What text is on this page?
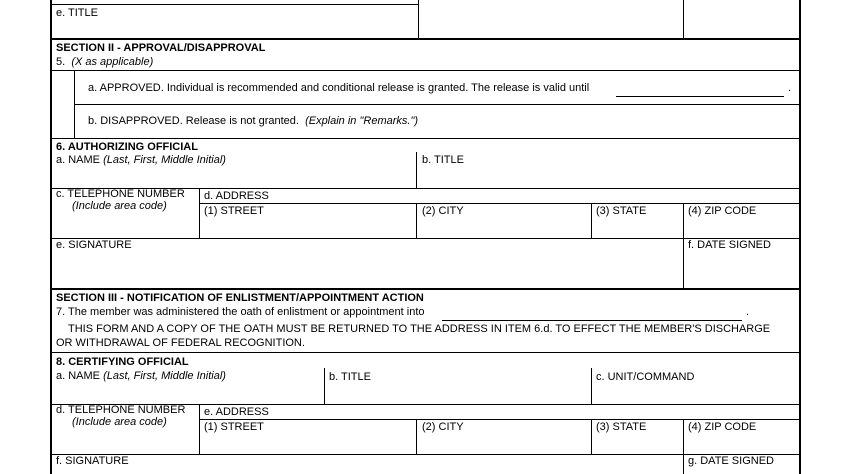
e. TITLE
SECTION II - APPROVAL/DISAPPROVAL
5. (X as applicable)
a. APPROVED. Individual is recommended and conditional release is granted. The release is valid until	.
b. DISAPPROVED. Release is not granted. (Explain in "Remarks.")
6. AUTHORIZING OFFICIAL
a. NAME (Last, First, Middle Initial)	b. TITLE
c. TELEPHONE NUMBER
(Include area code)
d. ADDRESS
(1) STREET	(2) CITY	(3) STATE	(4) ZIP CODE
e. SIGNATURE	f. DATE SIGNED
SECTION III - NOTIFICATION OF ENLISTMENT/APPOINTMENT ACTION
7. The member was administered the oath of enlistment or appointment into	.
THIS FORM AND A COPY OF THE OATH MUST BE RETURNED TO THE ADDRESS IN ITEM 6.d. TO EFFECT THE MEMBER'S DISCHARGE
OR WITHDRAWAL OF FEDERAL RECOGNITION.
8. CERTIFYING OFFICIAL
a. NAME (Last, First, Middle Initial)	b. TITLE	c. UNIT/COMMAND
d. TELEPHONE NUMBER
(Include area code)
e. ADDRESS
(1) STREET	(2) CITY	(3) STATE	(4) ZIP CODE
f. SIGNATURE	g. DATE SIGNED
